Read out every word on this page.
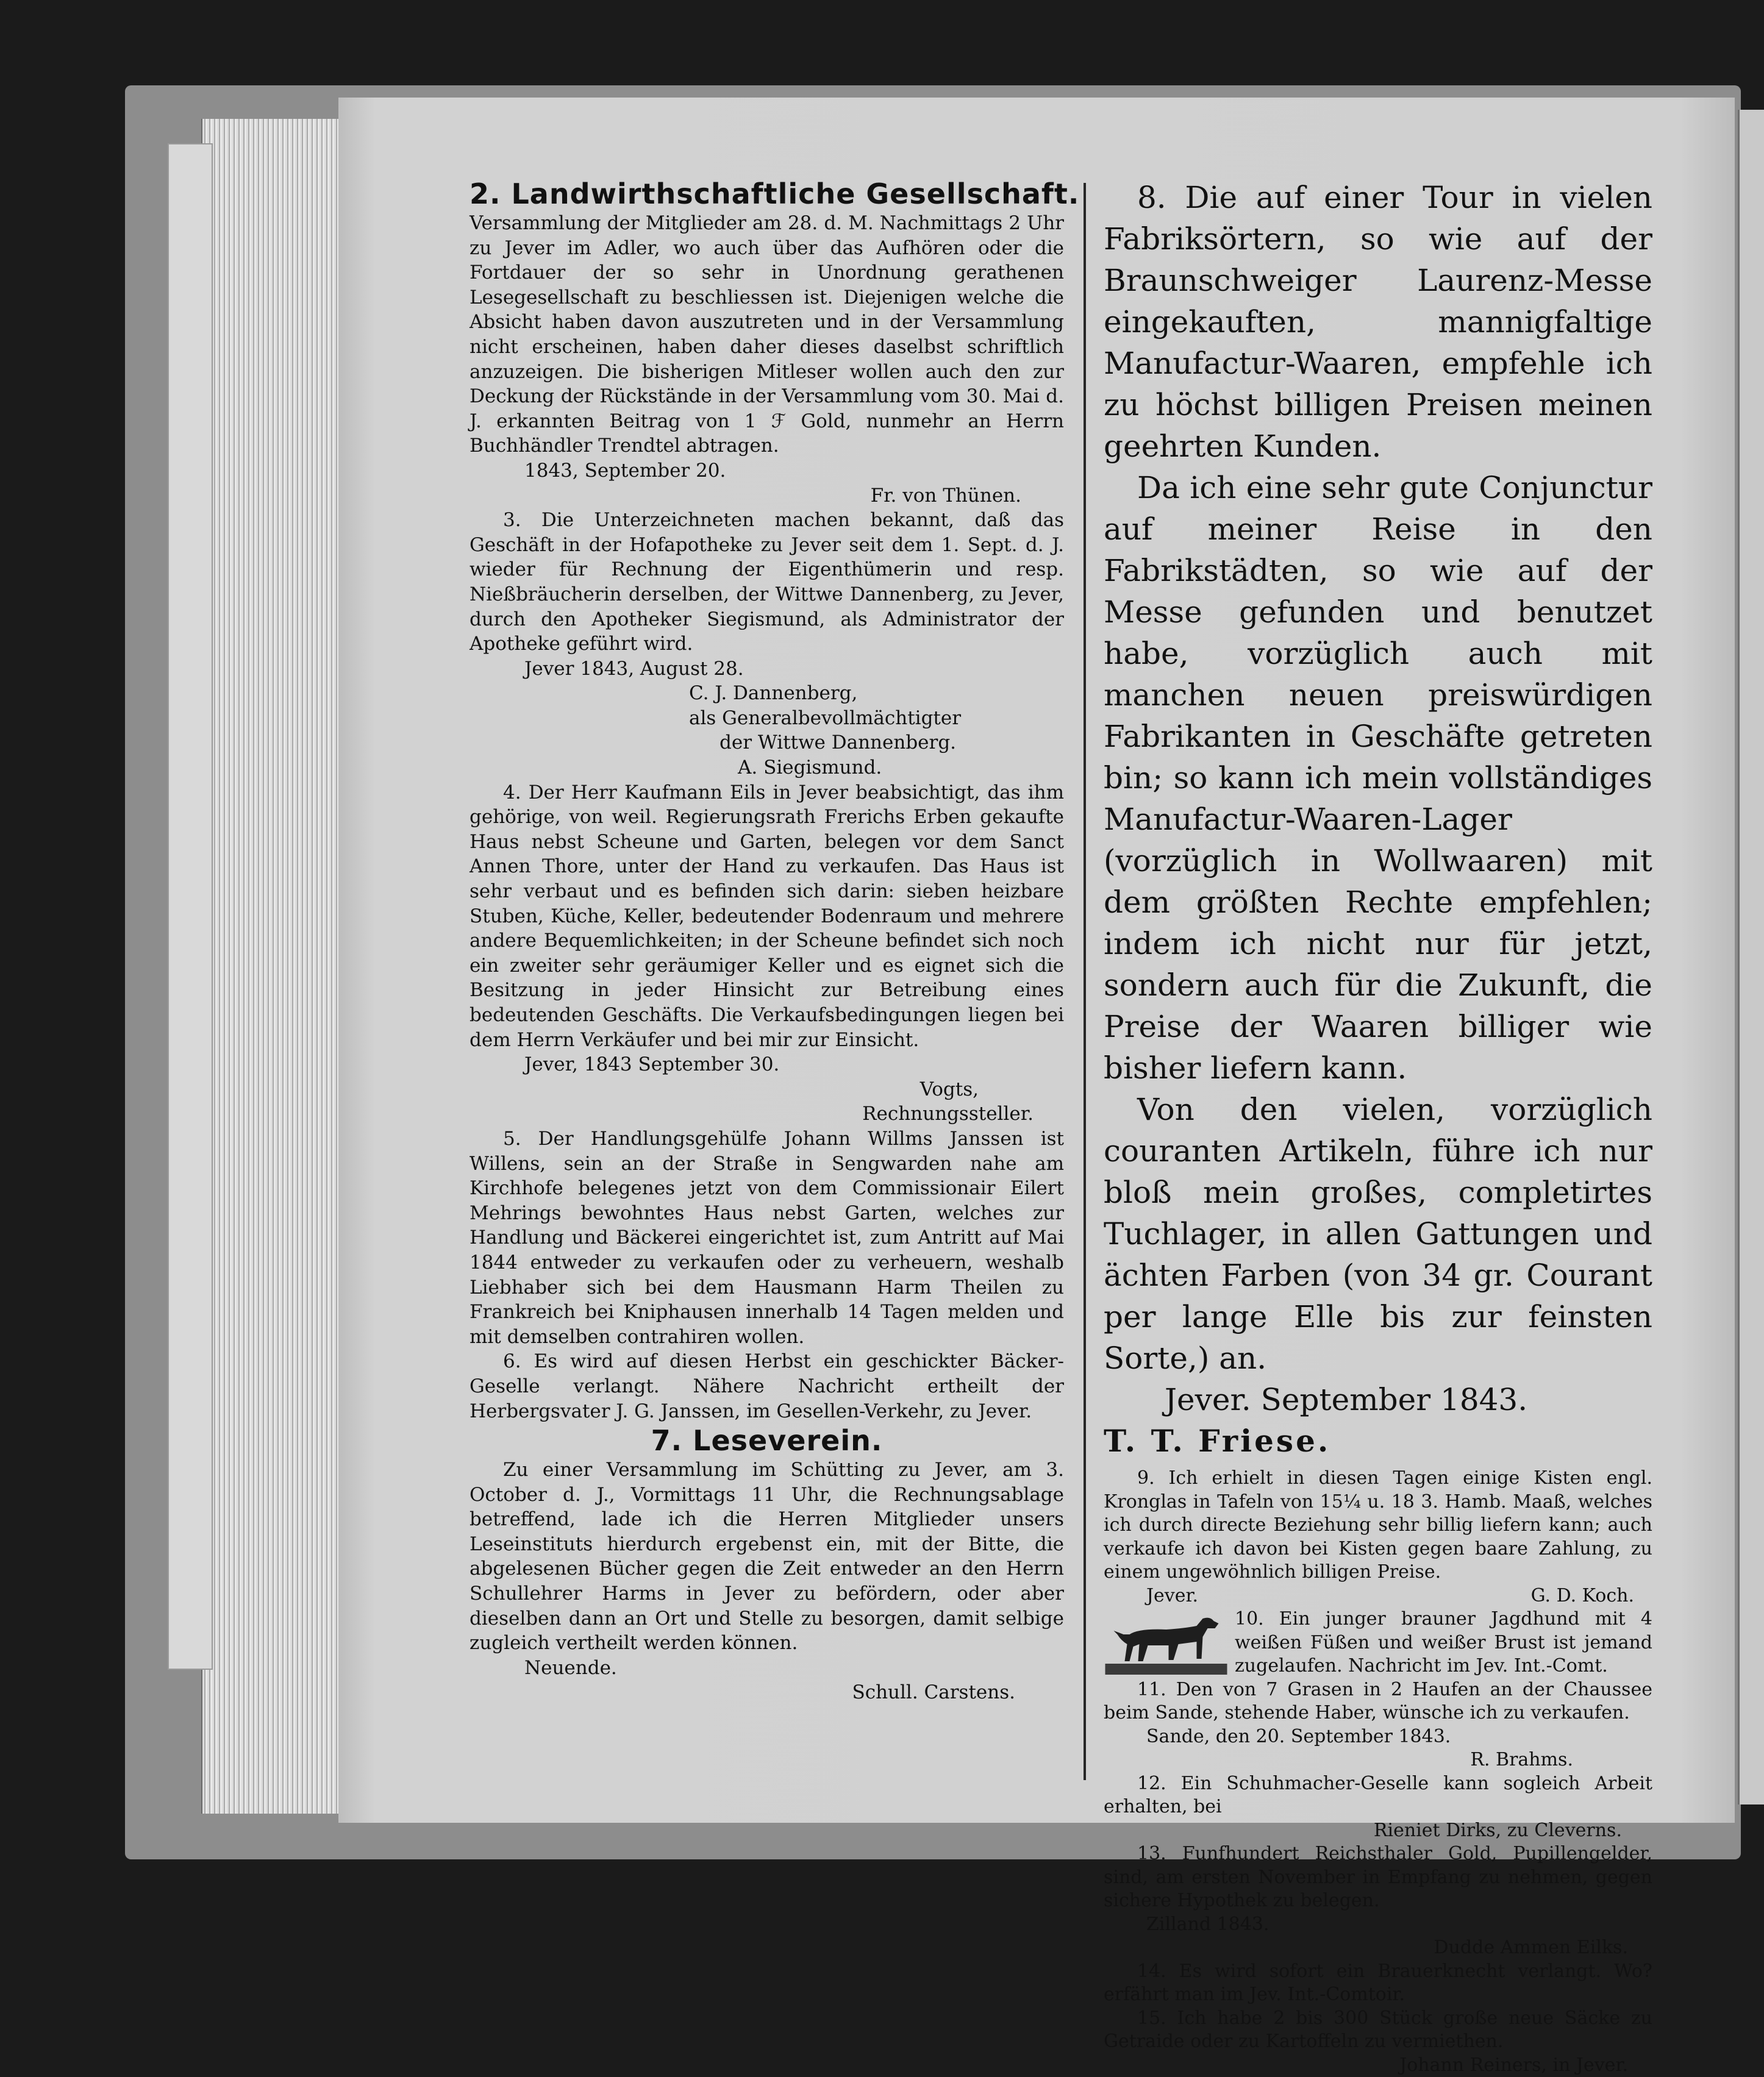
2. Landwirthschaftliche Gesellschaft.

Versammlung der Mitglieder am 28. d. M. Nachmittags 2 Uhr zu Jever im Adler, wo auch über das Aufhören oder die Fortdauer der so sehr in Unordnung gerathenen Lesegesellschaft zu beschliessen ist. Diejenigen welche die Absicht haben davon auszutreten und in der Versammlung nicht erscheinen, haben daher dieses daselbst schriftlich anzuzeigen. Die bisherigen Mitleser wollen auch den zur Deckung der Rückstände in der Versammlung vom 30. Mai d. J. erkannten Beitrag von 1 ℱ Gold, nunmehr an Herrn Buchhändler Trendtel abtragen.

1843, September 20.

Fr. von Thünen.

3. Die Unterzeichneten machen bekannt, daß das Geschäft in der Hofapotheke zu Jever seit dem 1. Sept. d. J. wieder für Rechnung der Eigenthümerin und resp. Nießbräucherin derselben, der Wittwe Dannenberg, zu Jever, durch den Apotheker Siegismund, als Administrator der Apotheke geführt wird.

Jever 1843, August 28.

C. J. Dannenberg,

als Generalbevollmächtigter

der Wittwe Dannenberg.

A. Siegismund.

4. Der Herr Kaufmann Eils in Jever beabsichtigt, das ihm gehörige, von weil. Regierungsrath Frerichs Erben gekaufte Haus nebst Scheune und Garten, belegen vor dem Sanct Annen Thore, unter der Hand zu verkaufen. Das Haus ist sehr verbaut und es befinden sich darin: sieben heizbare Stuben, Küche, Keller, bedeutender Bodenraum und mehrere andere Bequemlichkeiten; in der Scheune befindet sich noch ein zweiter sehr geräumiger Keller und es eignet sich die Besitzung in jeder Hinsicht zur Betreibung eines bedeutenden Geschäfts. Die Verkaufsbedingungen liegen bei dem Herrn Verkäufer und bei mir zur Einsicht.

Jever, 1843 September 30.

Vogts,

Rechnungssteller.

5. Der Handlungsgehülfe Johann Willms Janssen ist Willens, sein an der Straße in Sengwarden nahe am Kirchhofe belegenes jetzt von dem Commissionair Eilert Mehrings bewohntes Haus nebst Garten, welches zur Handlung und Bäckerei eingerichtet ist, zum Antritt auf Mai 1844 entweder zu verkaufen oder zu verheuern, weshalb Liebhaber sich bei dem Hausmann Harm Theilen zu Frankreich bei Kniphausen innerhalb 14 Tagen melden und mit demselben contrahiren wollen.

6. Es wird auf diesen Herbst ein geschickter Bäcker-Geselle verlangt. Nähere Nachricht ertheilt der Herbergsvater J. G. Janssen, im Gesellen-Verkehr, zu Jever.

7. Leseverein.

Zu einer Versammlung im Schütting zu Jever, am 3. October d. J., Vormittags 11 Uhr, die Rechnungsablage betreffend, lade ich die Herren Mitglieder unsers Leseinstituts hierdurch ergebenst ein, mit der Bitte, die abgelesenen Bücher gegen die Zeit entweder an den Herrn Schullehrer Harms in Jever zu befördern, oder aber dieselben dann an Ort und Stelle zu besorgen, damit selbige zugleich vertheilt werden können.

Neuende.

Schull. Carstens.

8. Die auf einer Tour in vielen Fabriksörtern, so wie auf der Braunschweiger Laurenz-Messe eingekauften, mannigfaltige Manufactur-Waaren, empfehle ich zu höchst billigen Preisen meinen geehrten Kunden.

Da ich eine sehr gute Conjunctur auf meiner Reise in den Fabrikstädten, so wie auf der Messe gefunden und benutzet habe, vorzüglich auch mit manchen neuen preiswürdigen Fabrikanten in Geschäfte getreten bin; so kann ich mein vollständiges Manufactur-Waaren-Lager (vorzüglich in Wollwaaren) mit dem größten Rechte empfehlen; indem ich nicht nur für jetzt, sondern auch für die Zukunft, die Preise der Waaren billiger wie bisher liefern kann.

Von den vielen, vorzüglich couranten Artikeln, führe ich nur bloß mein großes, completirtes Tuchlager, in allen Gattungen und ächten Farben (von 34 gr. Courant per lange Elle bis zur feinsten Sorte,) an.

Jever. September 1843.

T. T. Friese.

9. Ich erhielt in diesen Tagen einige Kisten engl. Kronglas in Tafeln von 15¼ u. 18 3. Hamb. Maaß, welches ich durch directe Beziehung sehr billig liefern kann; auch verkaufe ich davon bei Kisten gegen baare Zahlung, zu einem ungewöhnlich billigen Preise.

Jever.	G. D. Koch.

10. Ein junger brauner Jagdhund mit 4 weißen Füßen und weißer Brust ist jemand zugelaufen. Nachricht im Jev. Int.-Comt.

11. Den von 7 Grasen in 2 Haufen an der Chaussee beim Sande, stehende Haber, wünsche ich zu verkaufen.

Sande, den 20. September 1843.

R. Brahms.

12. Ein Schuhmacher-Geselle kann sogleich Arbeit erhalten, bei

Rieniet Dirks, zu Cleverns.

13. Funfhundert Reichsthaler Gold, Pupillengelder, sind, am ersten November in Empfang zu nehmen, gegen sichere Hypothek zu belegen.

Zilland 1843.

Dudde Ammen Eilks.

14. Es wird sofort ein Brauerknecht verlangt. Wo? erfährt man im Jev. Int.-Comtoir.

15. Ich habe 2 bis 300 Stück große neue Säcke zu Getraide oder zu Kartoffeln zu vermiethen.

Johann Reiners, in Jever.
